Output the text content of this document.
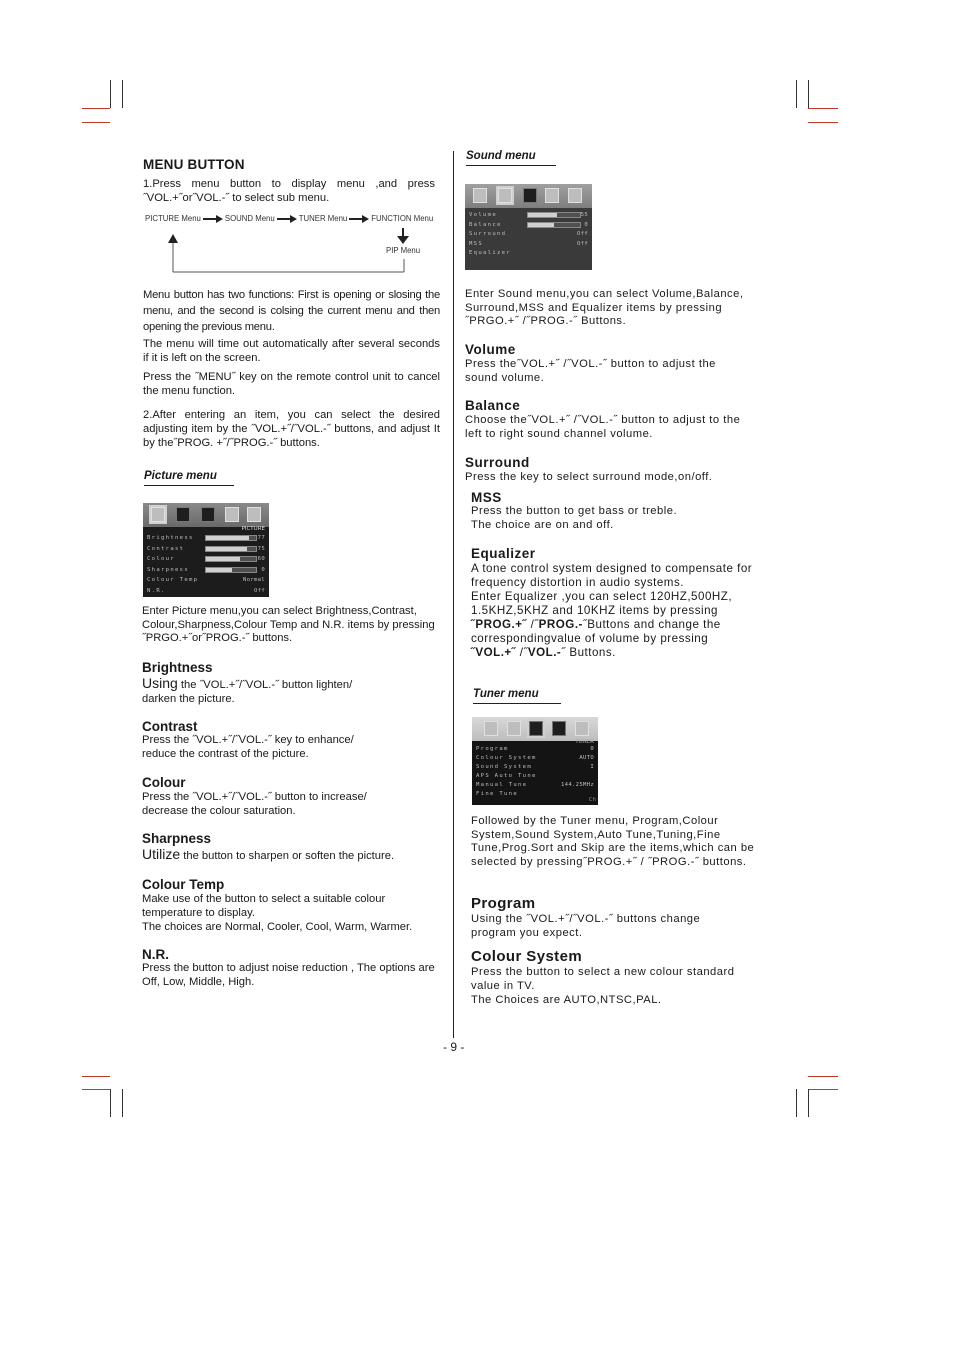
MENU BUTTON
1.Press menu button to display menu ,and press ˝VOL.+˝or˝VOL.-˝ to select sub menu.
PICTURE Menu	SOUND Menu	TUNER Menu	FUNCTION Menu
PIP Menu
Menu button has two functions: First is opening or slosing the menu, and the second is colsing the current menu and then opening the previous menu.
The menu will time out automatically after several seconds if it is left on the screen.
Press the ˝MENU˝ key on the remote control unit to cancel the menu function.
2.After entering an item, you can select the desired adjusting item by the ˝VOL.+˝/˝VOL.-˝ buttons, and adjust It by the˝PROG. +˝/˝PROG.-˝ buttons.
Picture menu
PICTURE
Brightness	77
Contrast	75
Colour	60
Sharpness	0
Colour Temp	Normal
N.R.	Off
Enter Picture menu,you can select Brightness,Contrast, Colour,Sharpness,Colour Temp and N.R. items by pressing ˝PRGO.+˝or˝PROG.-˝ buttons.
Brightness
Using the ˝VOL.+˝/˝VOL.-˝ button lighten/ darken the picture.
Contrast
Press the ˝VOL.+˝/˝VOL.-˝ key to enhance/ reduce the contrast of the picture.
Colour
Press the ˝VOL.+˝/˝VOL.-˝ button to increase/ decrease the colour saturation.
Sharpness
Utilize the button to sharpen or soften the picture.
Colour Temp
Make use of the button to select a suitable colour temperature to display.
The choices are Normal, Cooler, Cool, Warm, Warmer.
N.R.
Press the button to adjust noise reduction , The options are Off, Low, Middle, High.
Sound menu
Volume	55
Balance	0
Surround	Off
MSS	Off
Equalizer
Enter Sound menu,you can select Volume,Balance, Surround,MSS and Equalizer items by pressing ˝PRGO.+˝ /˝PROG.-˝ Buttons.
Volume
Press the˝VOL.+˝ /˝VOL.-˝ button to adjust the sound volume.
Balance
Choose the˝VOL.+˝ /˝VOL.-˝ button to adjust to the left to right sound channel volume.
Surround
Press the key to select surround mode,on/off.
MSS
Press the button to get bass or treble. The choice are on and off.
Equalizer
A tone control system designed to compensate for frequency distortion in audio systems.
Enter Equalizer ,you can select 120HZ,500HZ, 1.5KHZ,5KHZ and 10KHZ items by pressing
˝PROG.+˝ /˝PROG.-˝Buttons and change the correspondingvalue of volume by pressing
˝VOL.+˝ /˝VOL.-˝ Buttons.
Tuner menu
TUNER
Ch
Program	0
Colour System	AUTO
Sound System	I
APS Auto Tune
Manual Tune	144.25MHz
Fine Tune
Followed by the Tuner menu, Program,Colour System,Sound System,Auto Tune,Tuning,Fine Tune,Prog.Sort and Skip are the items,which can be selected by pressing˝PROG.+˝ / ˝PROG.-˝ buttons.
Program
Using the ˝VOL.+˝/˝VOL.-˝ buttons change program you expect.
Colour System
Press the button to select a new colour standard value in TV.
The Choices are AUTO,NTSC,PAL.
- 9 -
